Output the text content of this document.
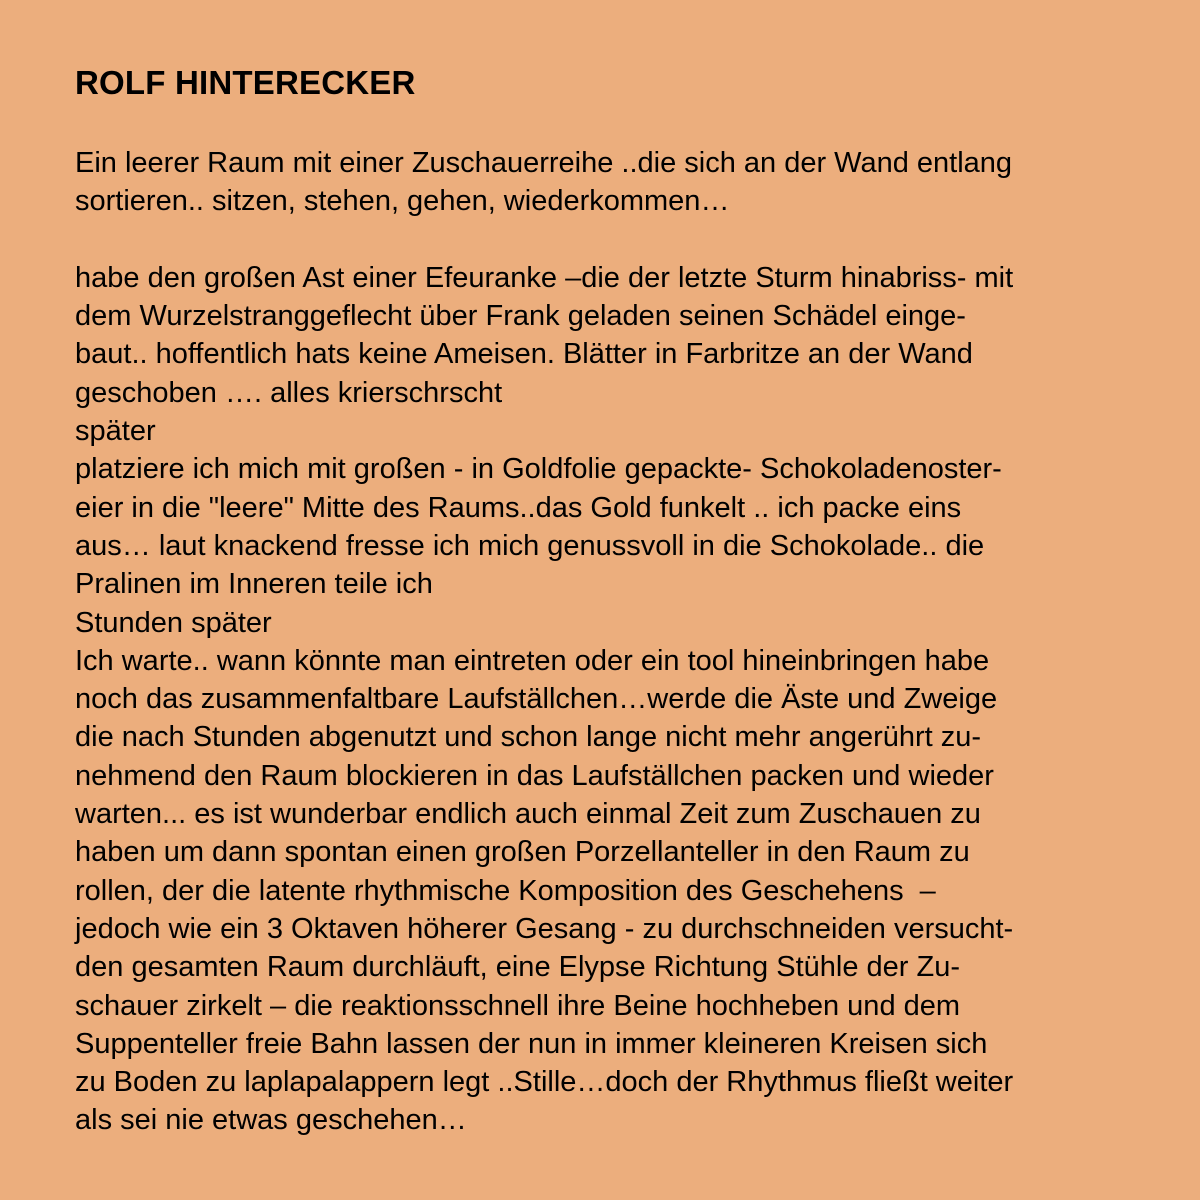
ROLF HINTERECKER
Ein leerer Raum mit einer Zuschauerreihe ..die sich an der Wand entlang
sortieren.. sitzen, stehen, gehen, wiederkommen…
habe den großen Ast einer Efeuranke –die der letzte Sturm hinabriss- mit
dem Wurzelstranggeflecht über Frank geladen seinen Schädel einge-
baut.. hoffentlich hats keine Ameisen. Blätter in Farbritze an der Wand
geschoben …. alles krierschrscht
später
platziere ich mich mit großen - in Goldfolie gepackte- Schokoladenoster-
eier in die "leere" Mitte des Raums..das Gold funkelt .. ich packe eins
aus… laut knackend fresse ich mich genussvoll in die Schokolade.. die
Pralinen im Inneren teile ich
Stunden später
Ich warte.. wann könnte man eintreten oder ein tool hineinbringen habe
noch das zusammenfaltbare Laufställchen…werde die Äste und Zweige
die nach Stunden abgenutzt und schon lange nicht mehr angerührt zu-
nehmend den Raum blockieren in das Laufställchen packen und wieder
warten... es ist wunderbar endlich auch einmal Zeit zum Zuschauen zu
haben um dann spontan einen großen Porzellanteller in den Raum zu
rollen, der die latente rhythmische Komposition des Geschehens  –
jedoch wie ein 3 Oktaven höherer Gesang - zu durchschneiden versucht-
den gesamten Raum durchläuft, eine Elypse Richtung Stühle der Zu-
schauer zirkelt – die reaktionsschnell ihre Beine hochheben und dem
Suppenteller freie Bahn lassen der nun in immer kleineren Kreisen sich
zu Boden zu laplapalappern legt ..Stille…doch der Rhythmus fließt weiter
als sei nie etwas geschehen…
